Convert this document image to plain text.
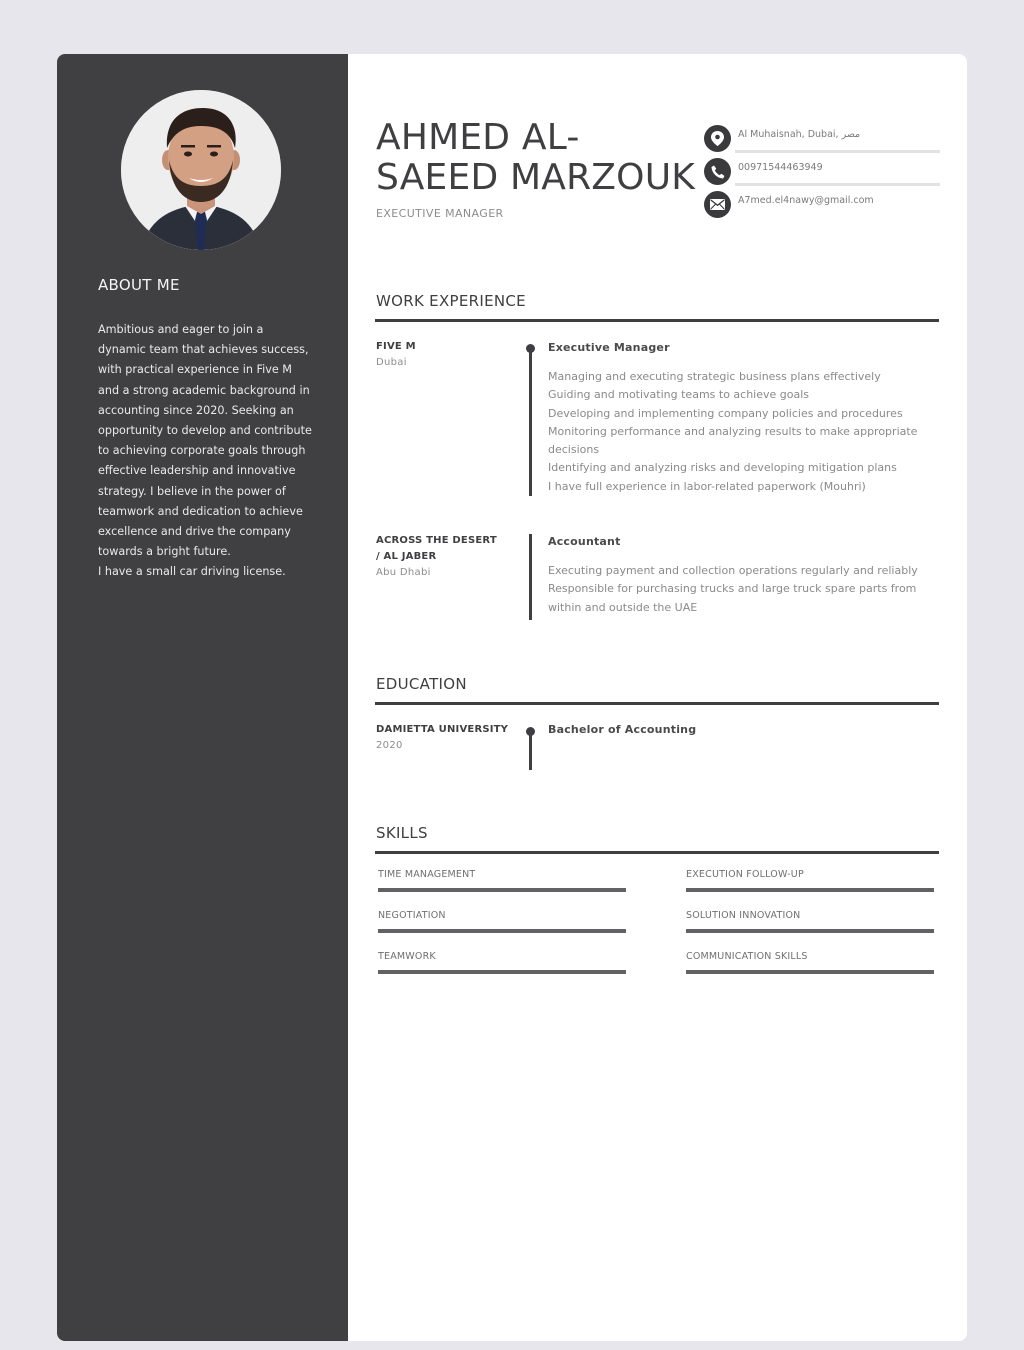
ABOUT ME

Ambitious and eager to join a dynamic team that achieves success, with practical experience in Five M and a strong academic background in accounting since 2020. Seeking an opportunity to develop and contribute to achieving corporate goals through effective leadership and innovative strategy. I believe in the power of teamwork and dedication to achieve excellence and drive the company towards a bright future.

I have a small car driving license.

AHMED AL-SAEED MARZOUK
EXECUTIVE MANAGER
Al Muhaisnah, Dubai, مصر
00971544463949
A7med.el4nawy@gmail.com
WORK EXPERIENCE
FIVE M
Dubai
Executive Manager
Managing and executing strategic business plans effectively
Guiding and motivating teams to achieve goals
Developing and implementing company policies and procedures
Monitoring performance and analyzing results to make appropriate decisions
Identifying and analyzing risks and developing mitigation plans
I have full experience in labor-related paperwork (Mouhri)
ACROSS THE DESERT / AL JABER
Abu Dhabi
Accountant
Executing payment and collection operations regularly and reliably
Responsible for purchasing trucks and large truck spare parts from within and outside the UAE
EDUCATION
DAMIETTA UNIVERSITY
2020
Bachelor of Accounting
SKILLS
TIME MANAGEMENT	EXECUTION FOLLOW-UP
NEGOTIATION	SOLUTION INNOVATION
TEAMWORK	COMMUNICATION SKILLS
